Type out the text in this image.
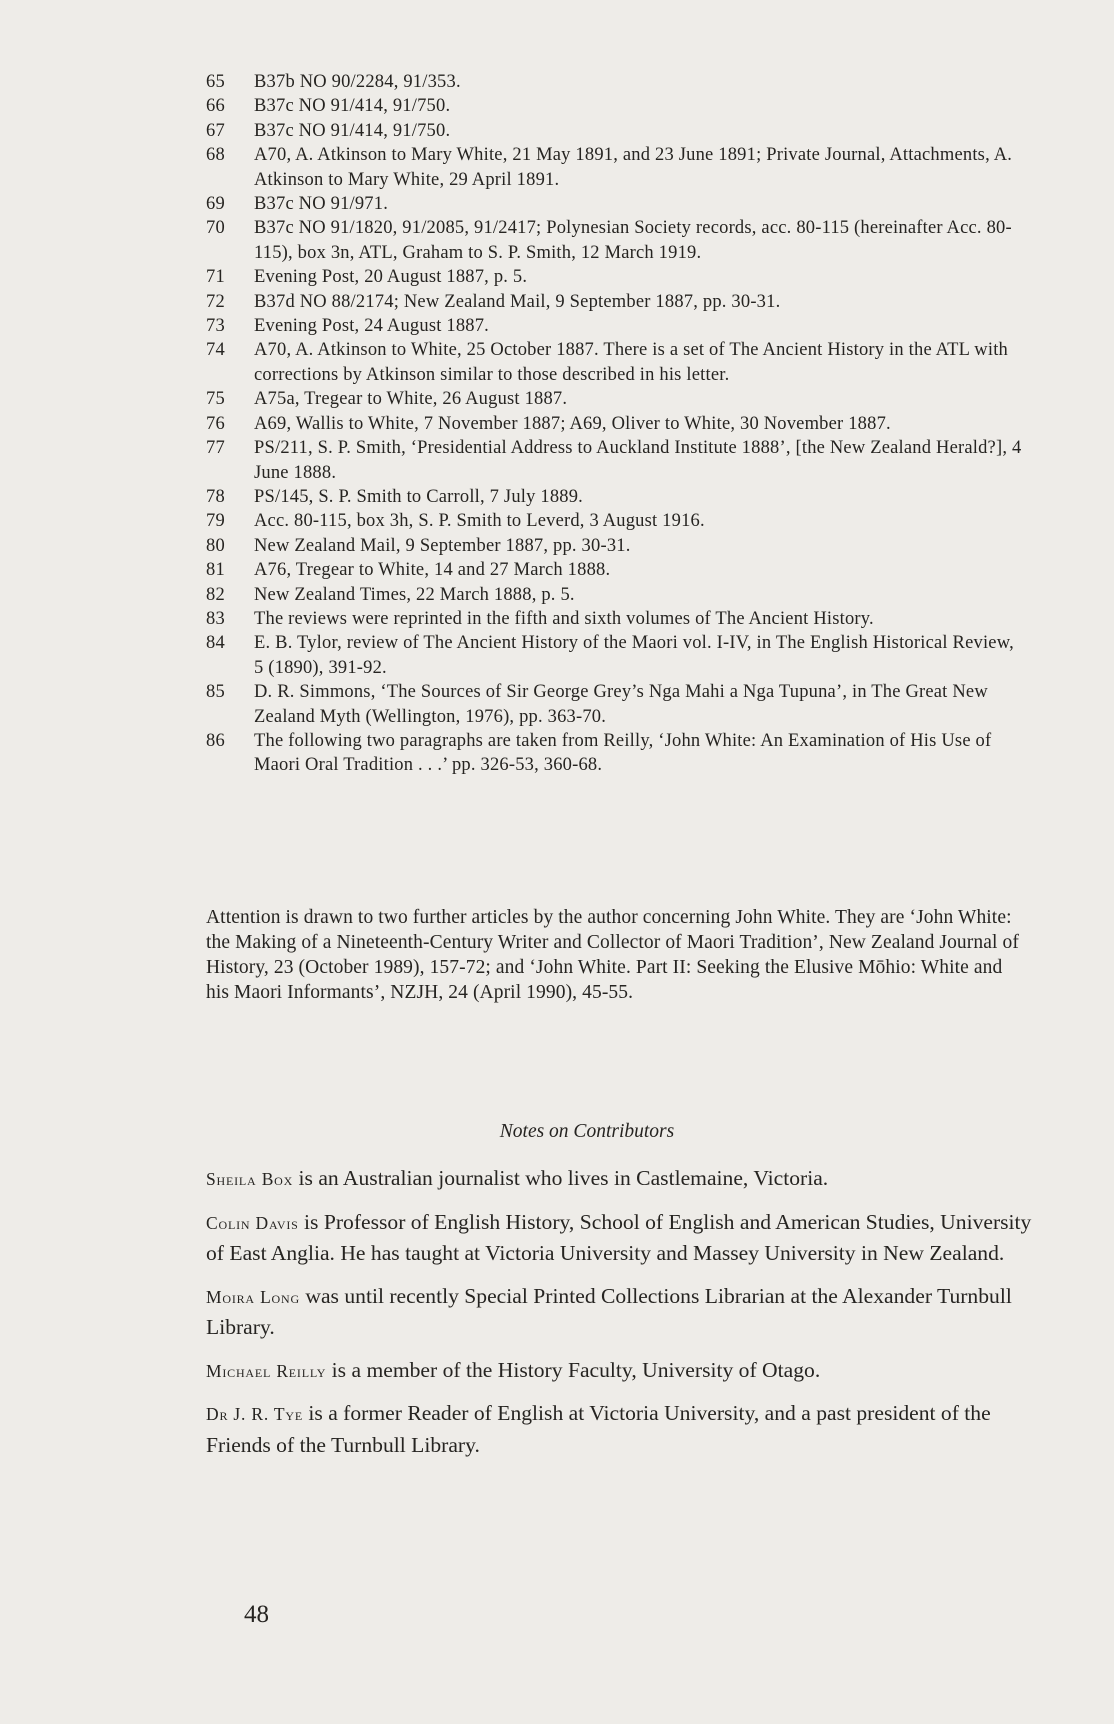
65 B37b NO 90/2284, 91/353.
66 B37c NO 91/414, 91/750.
67 B37c NO 91/414, 91/750.
68 A70, A. Atkinson to Mary White, 21 May 1891, and 23 June 1891; Private Journal, Attachments, A. Atkinson to Mary White, 29 April 1891.
69 B37c NO 91/971.
70 B37c NO 91/1820, 91/2085, 91/2417; Polynesian Society records, acc. 80-115 (hereinafter Acc. 80-115), box 3n, ATL, Graham to S. P. Smith, 12 March 1919.
71 Evening Post, 20 August 1887, p. 5.
72 B37d NO 88/2174; New Zealand Mail, 9 September 1887, pp. 30-31.
73 Evening Post, 24 August 1887.
74 A70, A. Atkinson to White, 25 October 1887. There is a set of The Ancient History in the ATL with corrections by Atkinson similar to those described in his letter.
75 A75a, Tregear to White, 26 August 1887.
76 A69, Wallis to White, 7 November 1887; A69, Oliver to White, 30 November 1887.
77 PS/211, S. P. Smith, ‘Presidential Address to Auckland Institute 1888’, [the New Zealand Herald?], 4 June 1888.
78 PS/145, S. P. Smith to Carroll, 7 July 1889.
79 Acc. 80-115, box 3h, S. P. Smith to Leverd, 3 August 1916.
80 New Zealand Mail, 9 September 1887, pp. 30-31.
81 A76, Tregear to White, 14 and 27 March 1888.
82 New Zealand Times, 22 March 1888, p. 5.
83 The reviews were reprinted in the fifth and sixth volumes of The Ancient History.
84 E. B. Tylor, review of The Ancient History of the Maori vol. I-IV, in The English Historical Review, 5 (1890), 391-92.
85 D. R. Simmons, ‘The Sources of Sir George Grey’s Nga Mahi a Nga Tupuna’, in The Great New Zealand Myth (Wellington, 1976), pp. 363-70.
86 The following two paragraphs are taken from Reilly, ‘John White: An Examination of His Use of Maori Oral Tradition . . .’ pp. 326-53, 360-68.

Attention is drawn to two further articles by the author concerning John White. They are ‘John White: the Making of a Nineteenth-Century Writer and Collector of Maori Tradition’, New Zealand Journal of History, 23 (October 1989), 157-72; and ‘John White. Part II: Seeking the Elusive Mōhio: White and his Maori Informants’, NZJH, 24 (April 1990), 45-55.

Notes on Contributors

Sheila Box is an Australian journalist who lives in Castlemaine, Victoria.

Colin Davis is Professor of English History, School of English and American Studies, University of East Anglia. He has taught at Victoria University and Massey University in New Zealand.

Moira Long was until recently Special Printed Collections Librarian at the Alexander Turnbull Library.

Michael Reilly is a member of the History Faculty, University of Otago.

Dr J. R. Tye is a former Reader of English at Victoria University, and a past president of the Friends of the Turnbull Library.

48
